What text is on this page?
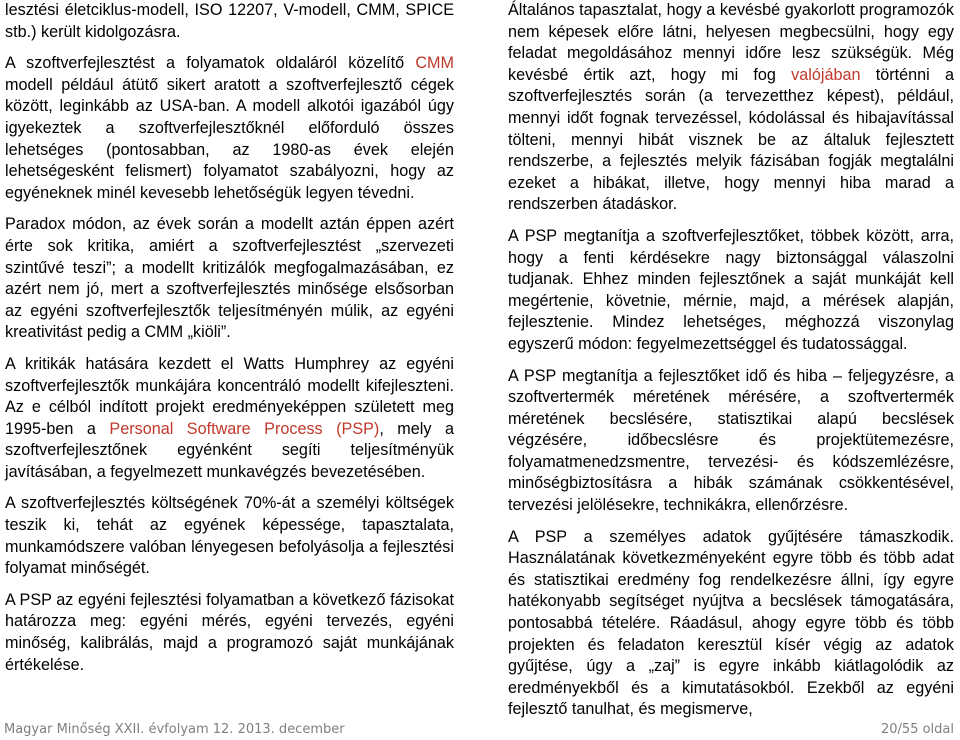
lesztési életciklus-modell, ISO 12207, V-modell, CMM, SPICE stb.) került kidolgozásra.

A szoftverfejlesztést a folyamatok oldaláról közelítő CMM modell például átütő sikert aratott a szoftverfejlesztő cégek között, leginkább az USA-ban. A modell alkotói igazából úgy igyekeztek a szoftverfejlesztőknél előforduló összes lehetséges (pontosabban, az 1980-as évek elején lehetségesként felismert) folyamatot szabályozni, hogy az egyéneknek minél kevesebb lehetőségük legyen tévedni.

Paradox módon, az évek során a modellt aztán éppen azért érte sok kritika, amiért a szoftverfejlesztést „szervezeti szintűvé teszi”; a modellt kritizálók megfogalmazásában, ez azért nem jó, mert a szoftverfejlesztés minősége elsősorban az egyéni szoftverfejlesztők teljesítményén múlik, az egyéni kreativitást pedig a CMM „kiöli”.

A kritikák hatására kezdett el Watts Humphrey az egyéni szoftverfejlesztők munkájára koncentráló modellt kifejleszteni. Az e célból indított projekt eredményeképpen született meg 1995-ben a Personal Software Process (PSP), mely a szoftverfejlesztőnek egyénként segíti teljesítményük javításában, a fegyelmezett munkavégzés bevezetésében.

A szoftverfejlesztés költségének 70%-át a személyi költségek teszik ki, tehát az egyének képessége, tapasztalata, munkamódszere valóban lényegesen befolyásolja a fejlesztési folyamat minőségét.

A PSP az egyéni fejlesztési folyamatban a következő fázisokat határozza meg: egyéni mérés, egyéni tervezés, egyéni minőség, kalibrálás, majd a programozó saját munkájának értékelése.

Általános tapasztalat, hogy a kevésbé gyakorlott programozók nem képesek előre látni, helyesen megbecsülni, hogy egy feladat megoldásához mennyi időre lesz szükségük. Még kevésbé értik azt, hogy mi fog valójában történni a szoftverfejlesztés során (a tervezetthez képest), például, mennyi időt fognak tervezéssel, kódolással és hibajavítással tölteni, mennyi hibát visznek be az általuk fejlesztett rendszerbe, a fejlesztés melyik fázisában fogják megtalálni ezeket a hibákat, illetve, hogy mennyi hiba marad a rendszerben átadáskor.

A PSP megtanítja a szoftverfejlesztőket, többek között, arra, hogy a fenti kérdésekre nagy biztonsággal válaszolni tudjanak. Ehhez minden fejlesztőnek a saját munkáját kell megértenie, követnie, mérnie, majd, a mérések alapján, fejlesztenie. Mindez lehetséges, méghozzá viszonylag egyszerű módon: fegyelmezettséggel és tudatossággal.

A PSP megtanítja a fejlesztőket idő és hiba – feljegyzésre, a szoftvertermék méretének mérésére, a szoftvertermék méretének becslésére, statisztikai alapú becslések végzésére, időbecslésre és projektütemezésre, folyamatmenedzsmentre, tervezési- és kódszemlézésre, minőségbiztosításra a hibák számának csökkentésével, tervezési jelölésekre, technikákra, ellenőrzésre.

A PSP a személyes adatok gyűjtésére támaszkodik. Használatának következményeként egyre több és több adat és statisztikai eredmény fog rendelkezésre állni, így egyre hatékonyabb segítséget nyújtva a becslések támogatására, pontosabbá tételére. Ráadásul, ahogy egyre több és több projekten és feladaton keresztül kísér végig az adatok gyűjtése, úgy a „zaj” is egyre inkább kiátlagolódik az eredményekből és a kimutatásokból. Ezekből az egyéni fejlesztő tanulhat, és megismerve,

Magyar Minőség XXII. évfolyam 12. 2013. december	20/55 oldal
